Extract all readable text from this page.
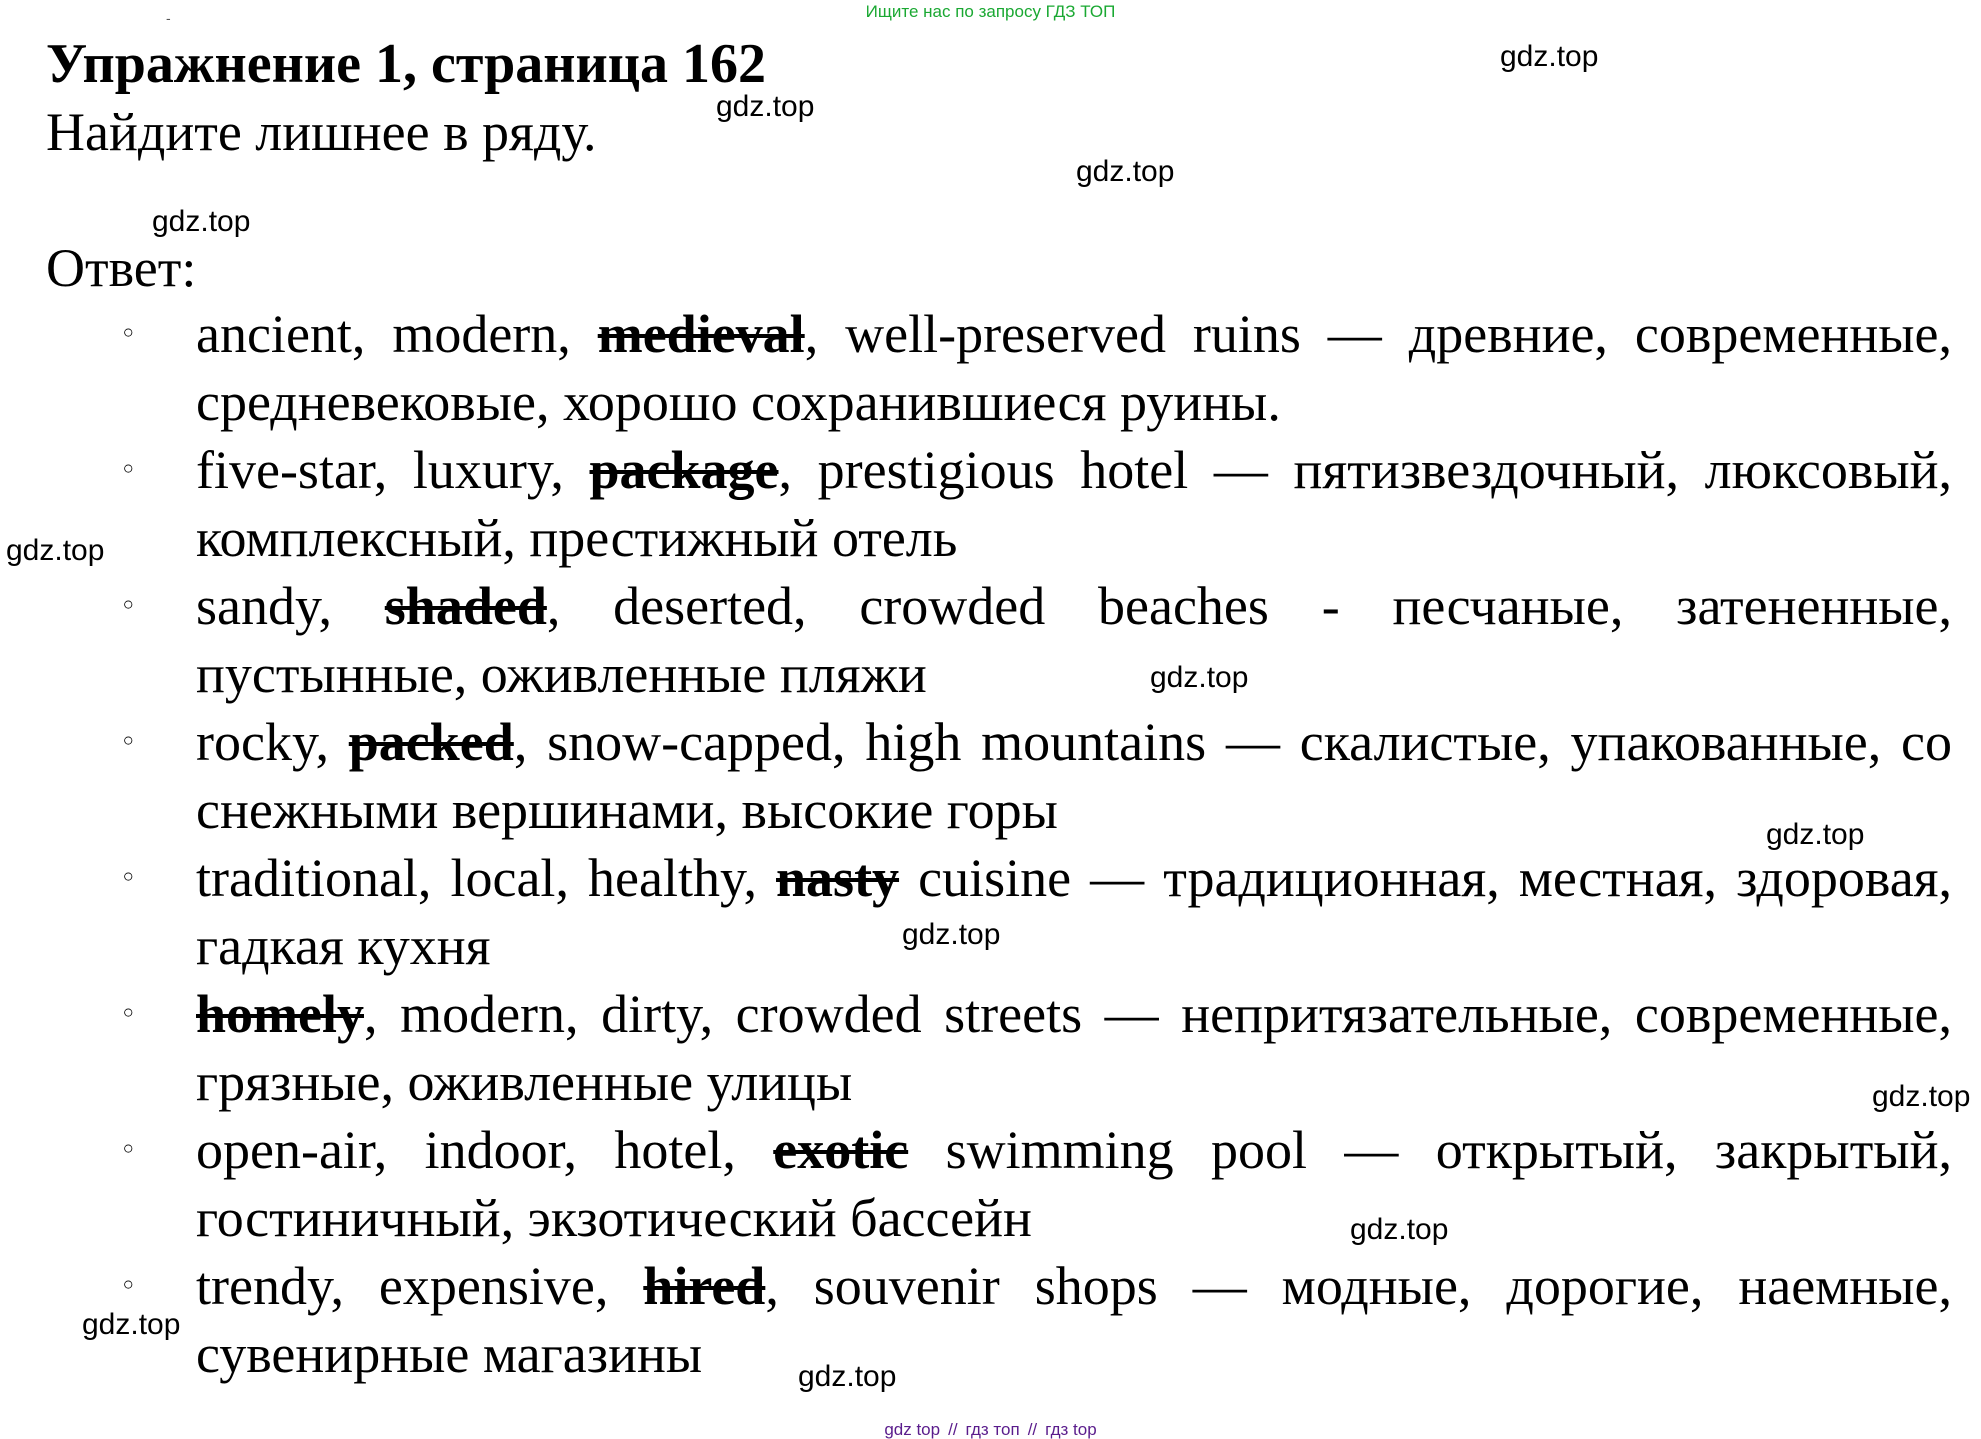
Ищите нас по запросу ГДЗ ТОП
-
Упражнение 1, страница 162
Найдите лишнее в ряду.
Ответ:
◦ ancient, modern, medieval, well-preserved ruins — древние, современные, средневековые, хорошо сохранившиеся руины.
◦ five-star, luxury, package, prestigious hotel — пятизвездочный, люксовый, комплексный, престижный отель
◦ sandy, shaded, deserted, crowded beaches - песчаные, затененные, пустынные, оживленные пляжи
◦ rocky, packed, snow-capped, high mountains — скалистые, упакованные, со снежными вершинами, высокие горы
◦ traditional, local, healthy, nasty cuisine — традиционная, местная, здоровая, гадкая кухня
◦ homely, modern, dirty, crowded streets — непритязательные, современные, грязные, оживленные улицы
◦ open-air, indoor, hotel, exotic swimming pool — открытый, закрытый, гостиничный, экзотический бассейн
◦ trendy, expensive, hired, souvenir shops — модные, дорогие, наемные, сувенирные магазины
gdz.top
gdz.top
gdz.top
gdz.top
gdz.top
gdz.top
gdz.top
gdz.top
gdz.top
gdz.top
gdz.top
gdz.top
gdz top // гдз топ // гдз top
